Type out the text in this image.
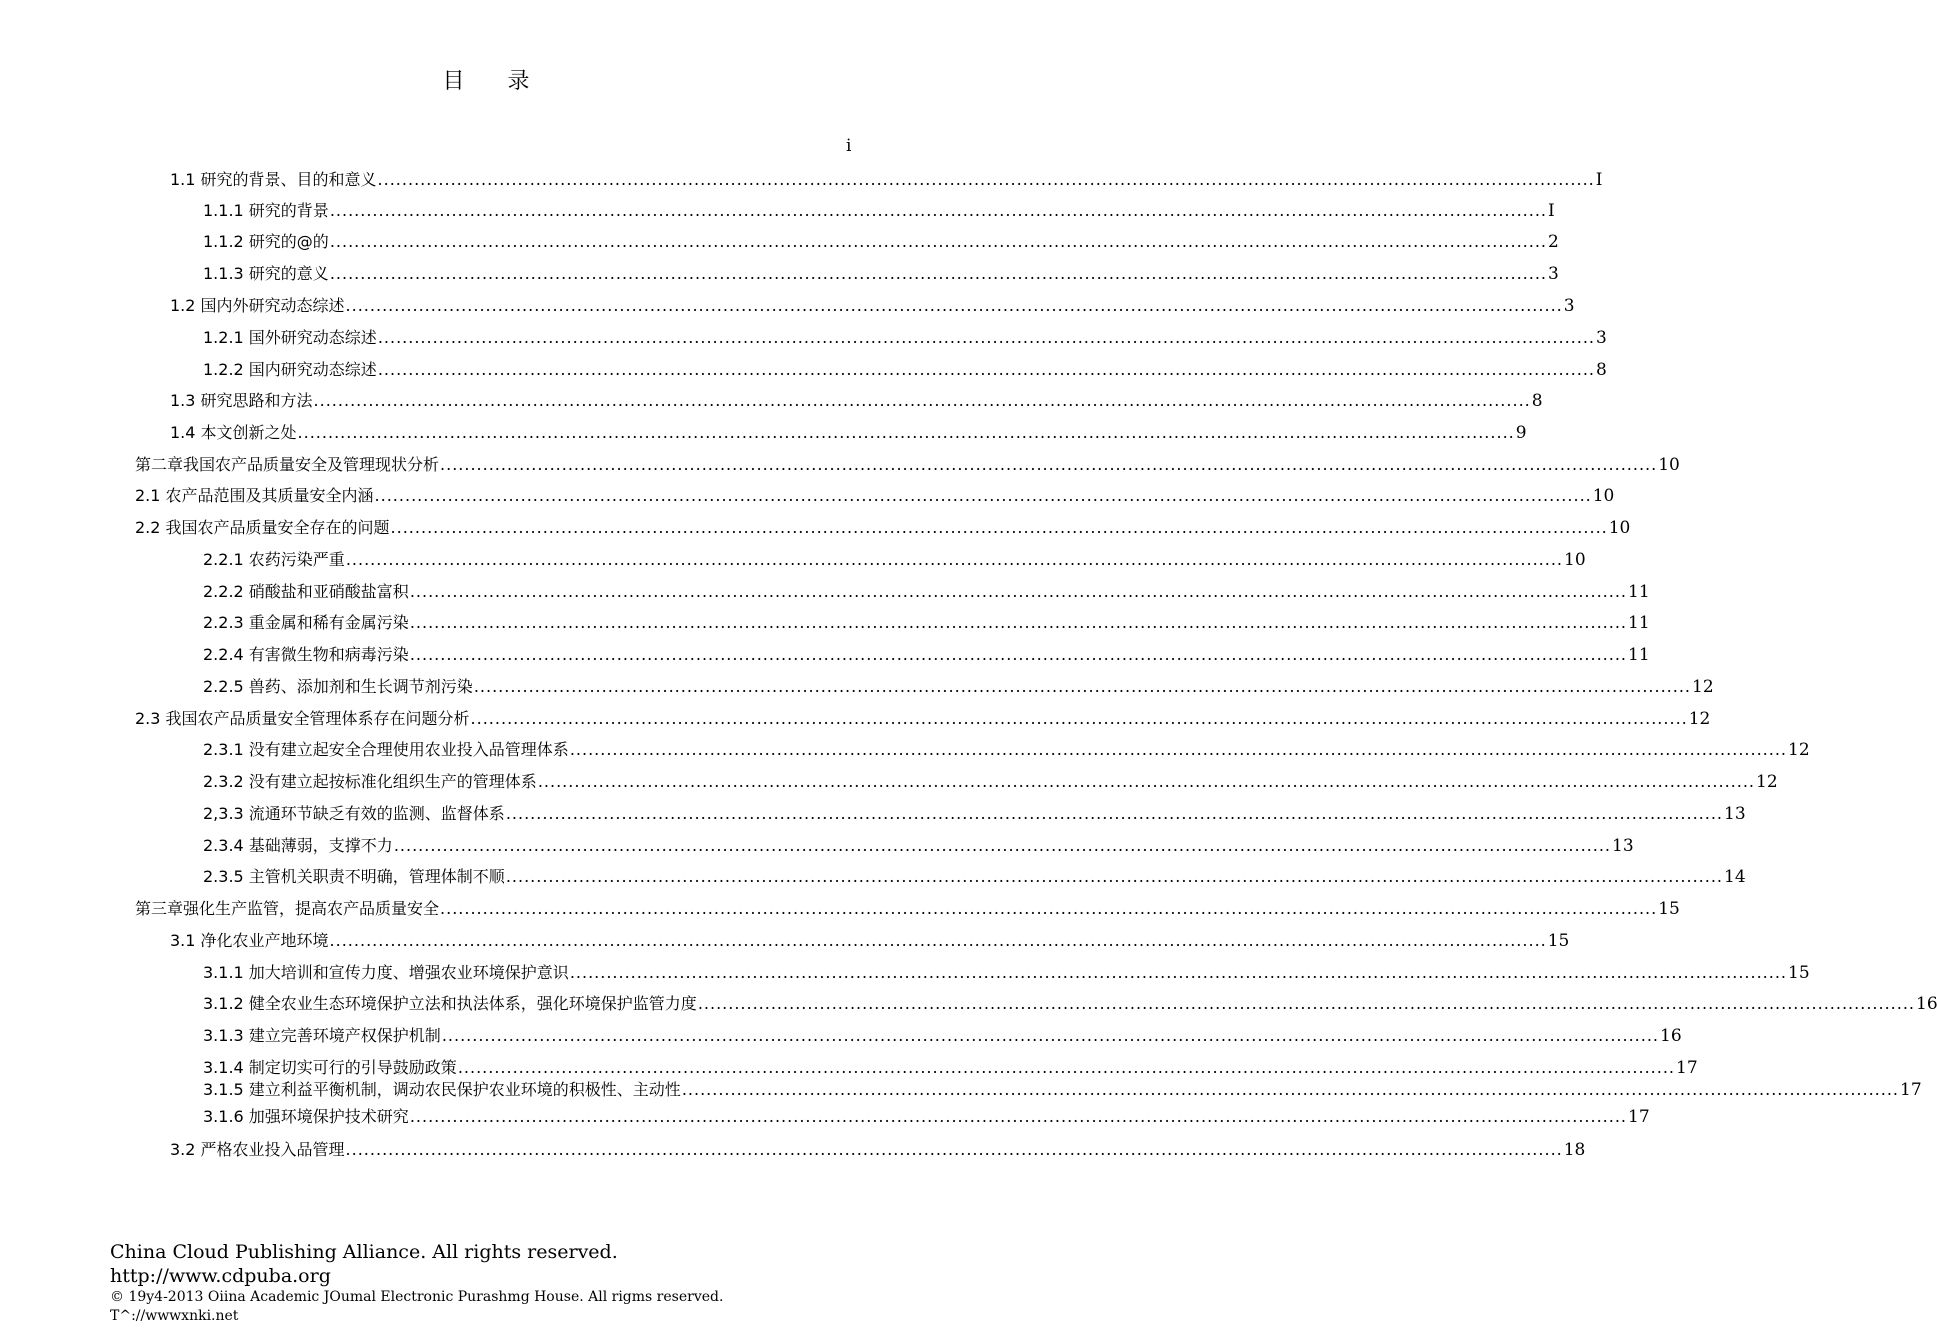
目 录
i
1.1 研究的背景、目的和意义 ........................................................................................................................................................................................................ I
1.1.1 研究的背景 ........................................................................................................................................................................................................ I
1.1.2 研究的@的 ........................................................................................................................................................................................................ 2
1.1.3 研究的意义 ........................................................................................................................................................................................................ 3
1.2 国内外研究动态综述 ........................................................................................................................................................................................................ 3
1.2.1 国外研究动态综述 ........................................................................................................................................................................................................ 3
1.2.2 国内研究动态综述 ........................................................................................................................................................................................................ 8
1.3 研究思路和方法 ........................................................................................................................................................................................................ 8
1.4 本文创新之处 ........................................................................................................................................................................................................ 9
第二章我国农产品质量安全及管理现状分析 ........................................................................................................................................................................................................ 10
2.1 农产品范围及其质量安全内涵 ........................................................................................................................................................................................................ 10
2.2 我国农产品质量安全存在的问题 ........................................................................................................................................................................................................ 10
2.2.1 农药污染严重 ........................................................................................................................................................................................................ 10
2.2.2 硝酸盐和亚硝酸盐富积 ........................................................................................................................................................................................................ 11
2.2.3 重金属和稀有金属污染 ........................................................................................................................................................................................................ 11
2.2.4 有害微生物和病毒污染 ........................................................................................................................................................................................................ 11
2.2.5 兽药、添加剂和生长调节剂污染 ........................................................................................................................................................................................................ 12
2.3 我国农产品质量安全管理体系存在问题分析 ........................................................................................................................................................................................................ 12
2.3.1 没有建立起安全合理使用农业投入品管理体系 ........................................................................................................................................................................................................ 12
2.3.2 没有建立起按标准化组织生产的管理体系 ........................................................................................................................................................................................................ 12
2,3.3 流通环节缺乏有效的监测、监督体系 ........................................................................................................................................................................................................ 13
2.3.4 基础薄弱，支撑不力 ........................................................................................................................................................................................................ 13
2.3.5 主管机关职责不明确，管理体制不顺 ........................................................................................................................................................................................................ 14
第三章强化生产监管，提高农产品质量安全 ........................................................................................................................................................................................................ 15
3.1 净化农业产地环境 ........................................................................................................................................................................................................ 15
3.1.1 加大培训和宣传力度、增强农业环境保护意识 ........................................................................................................................................................................................................ 15
3.1.2 健全农业生态环境保护立法和执法体系，强化环境保护监管力度 ........................................................................................................................................................................................................ 16
3.1.3 建立完善环境产权保护机制 ........................................................................................................................................................................................................ 16
3.1.4 制定切实可行的引导鼓励政策 ........................................................................................................................................................................................................ 17
3.1.5 建立利益平衡机制，调动农民保护农业环境的积极性、主动性 ........................................................................................................................................................................................................ 17
3.1.6 加强环境保护技术研究 ........................................................................................................................................................................................................ 17
3.2 严格农业投入品管理 ........................................................................................................................................................................................................ 18
China Cloud Publishing Alliance. All rights reserved.
http://www.cdpuba.org
© 19y4-2013 Oiina Academic JOumal Electronic Purashmg House. All rigms reserved.
T^://wwwxnki.net
